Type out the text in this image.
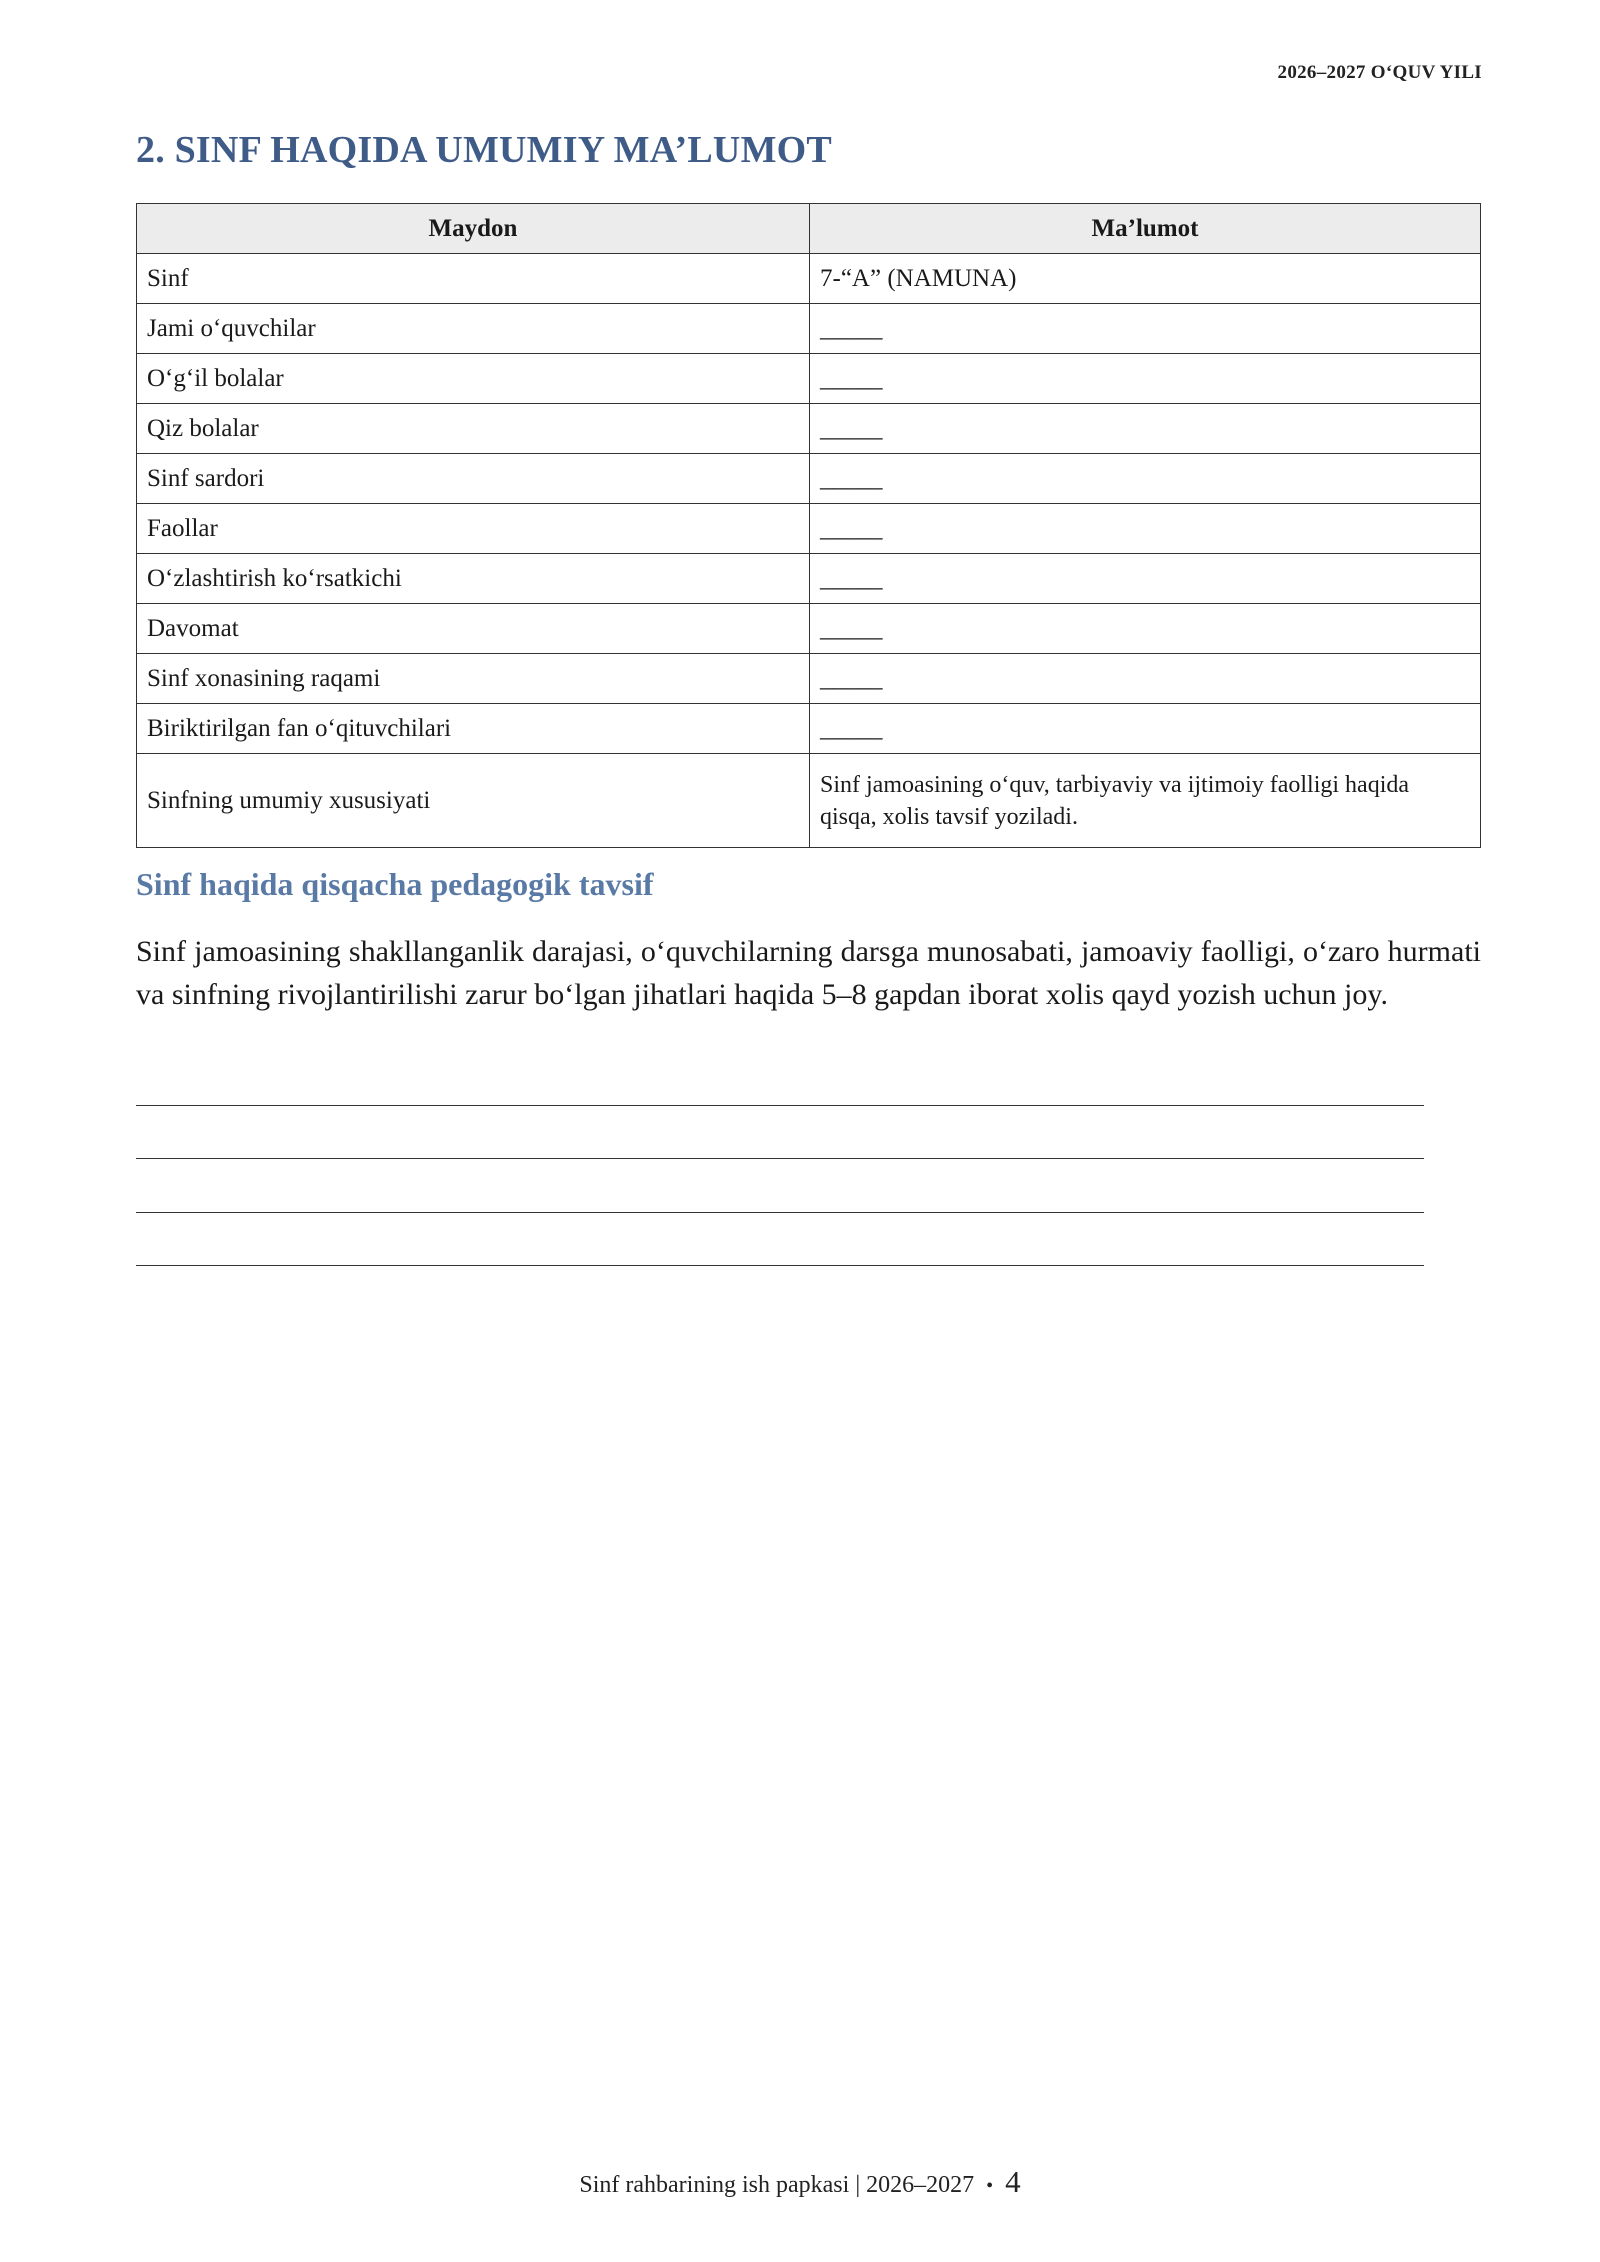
2026–2027 O‘QUV YILI
2. SINF HAQIDA UMUMIY MA’LUMOT
Maydon	Ma’lumot
Sinf	7-“A” (NAMUNA)
Jami o‘quvchilar	_____
O‘g‘il bolalar	_____
Qiz bolalar	_____
Sinf sardori	_____
Faollar	_____
O‘zlashtirish ko‘rsatkichi	_____
Davomat	_____
Sinf xonasining raqami	_____
Biriktirilgan fan o‘qituvchilari	_____
Sinfning umumiy xususiyati	Sinf jamoasining o‘quv, tarbiyaviy va ijtimoiy faolligi haqida qisqa, xolis tavsif yoziladi.
Sinf haqida qisqacha pedagogik tavsif

Sinf jamoasining shakllanganlik darajasi, o‘quvchilarning darsga munosabati, jamoaviy faolligi, o‘zaro hurmati va sinfning rivojlantirilishi zarur bo‘lgan jihatlari haqida 5–8 gapdan iborat xolis qayd yozish uchun joy.

Sinf rahbarining ish papkasi | 2026–2027 • 4
